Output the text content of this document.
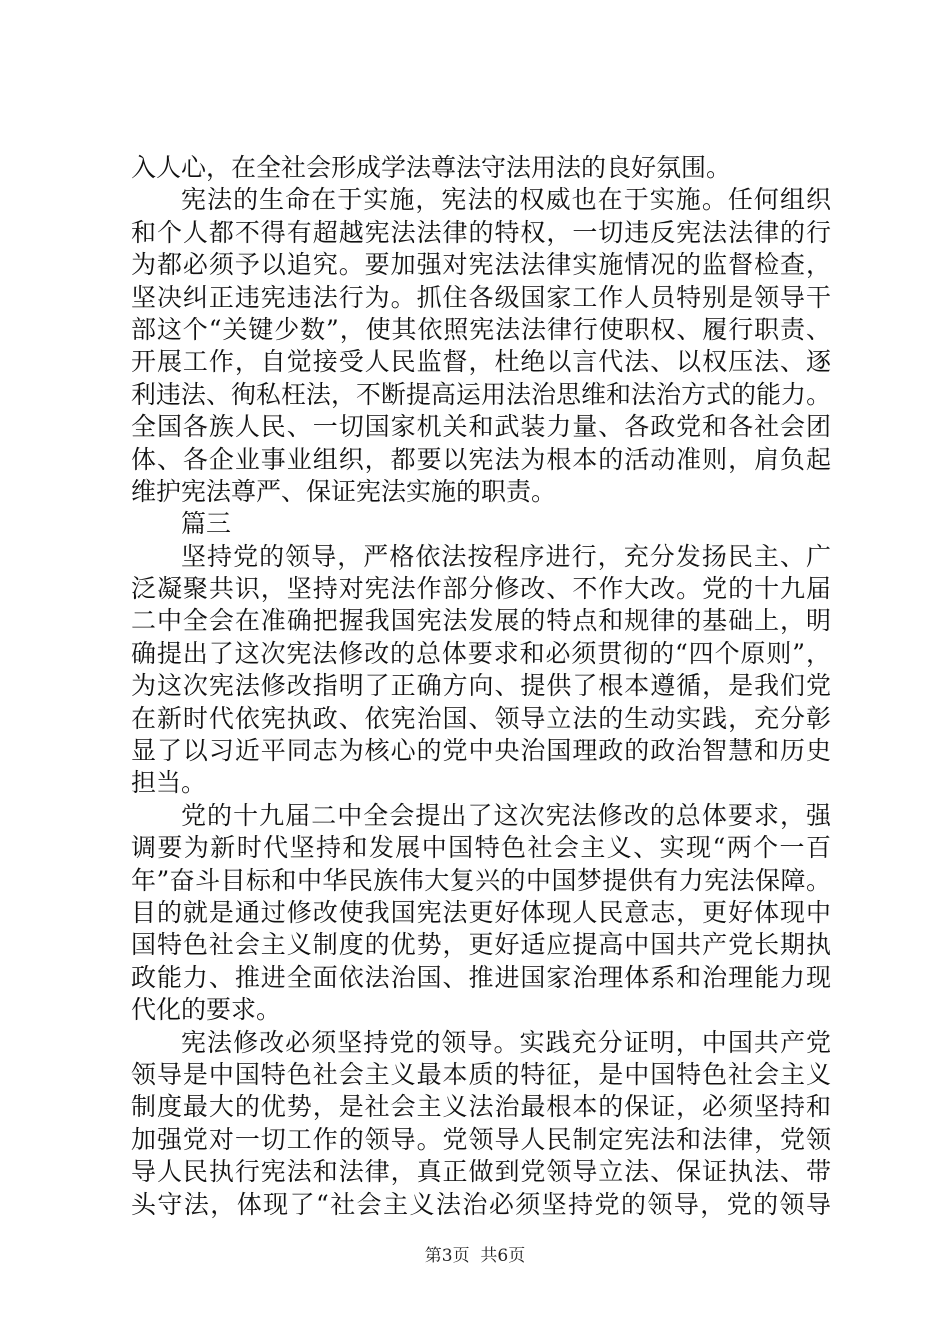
入人心，在全社会形成学法尊法守法用法的良好氛围。
宪法的生命在于实施，宪法的权威也在于实施。任何组织
和个人都不得有超越宪法法律的特权，一切违反宪法法律的行
为都必须予以追究。要加强对宪法法律实施情况的监督检查，
坚决纠正违宪违法行为。抓住各级国家工作人员特别是领导干
部这个“关键少数”，使其依照宪法法律行使职权、履行职责、
开展工作，自觉接受人民监督，杜绝以言代法、以权压法、逐
利违法、徇私枉法，不断提高运用法治思维和法治方式的能力。
全国各族人民、一切国家机关和武装力量、各政党和各社会团
体、各企业事业组织，都要以宪法为根本的活动准则，肩负起
维护宪法尊严、保证宪法实施的职责。
篇三
坚持党的领导，严格依法按程序进行，充分发扬民主、广
泛凝聚共识，坚持对宪法作部分修改、不作大改。党的十九届
二中全会在准确把握我国宪法发展的特点和规律的基础上，明
确提出了这次宪法修改的总体要求和必须贯彻的“四个原则”，
为这次宪法修改指明了正确方向、提供了根本遵循，是我们党
在新时代依宪执政、依宪治国、领导立法的生动实践，充分彰
显了以习近平同志为核心的党中央治国理政的政治智慧和历史
担当。
党的十九届二中全会提出了这次宪法修改的总体要求，强
调要为新时代坚持和发展中国特色社会主义、实现“两个一百
年”奋斗目标和中华民族伟大复兴的中国梦提供有力宪法保障。
目的就是通过修改使我国宪法更好体现人民意志，更好体现中
国特色社会主义制度的优势，更好适应提高中国共产党长期执
政能力、推进全面依法治国、推进国家治理体系和治理能力现
代化的要求。
宪法修改必须坚持党的领导。实践充分证明，中国共产党
领导是中国特色社会主义最本质的特征，是中国特色社会主义
制度最大的优势，是社会主义法治最根本的保证，必须坚持和
加强党对一切工作的领导。党领导人民制定宪法和法律，党领
导人民执行宪法和法律，真正做到党领导立法、保证执法、带
头守法，体现了“社会主义法治必须坚持党的领导，党的领导
第3页  共6页
